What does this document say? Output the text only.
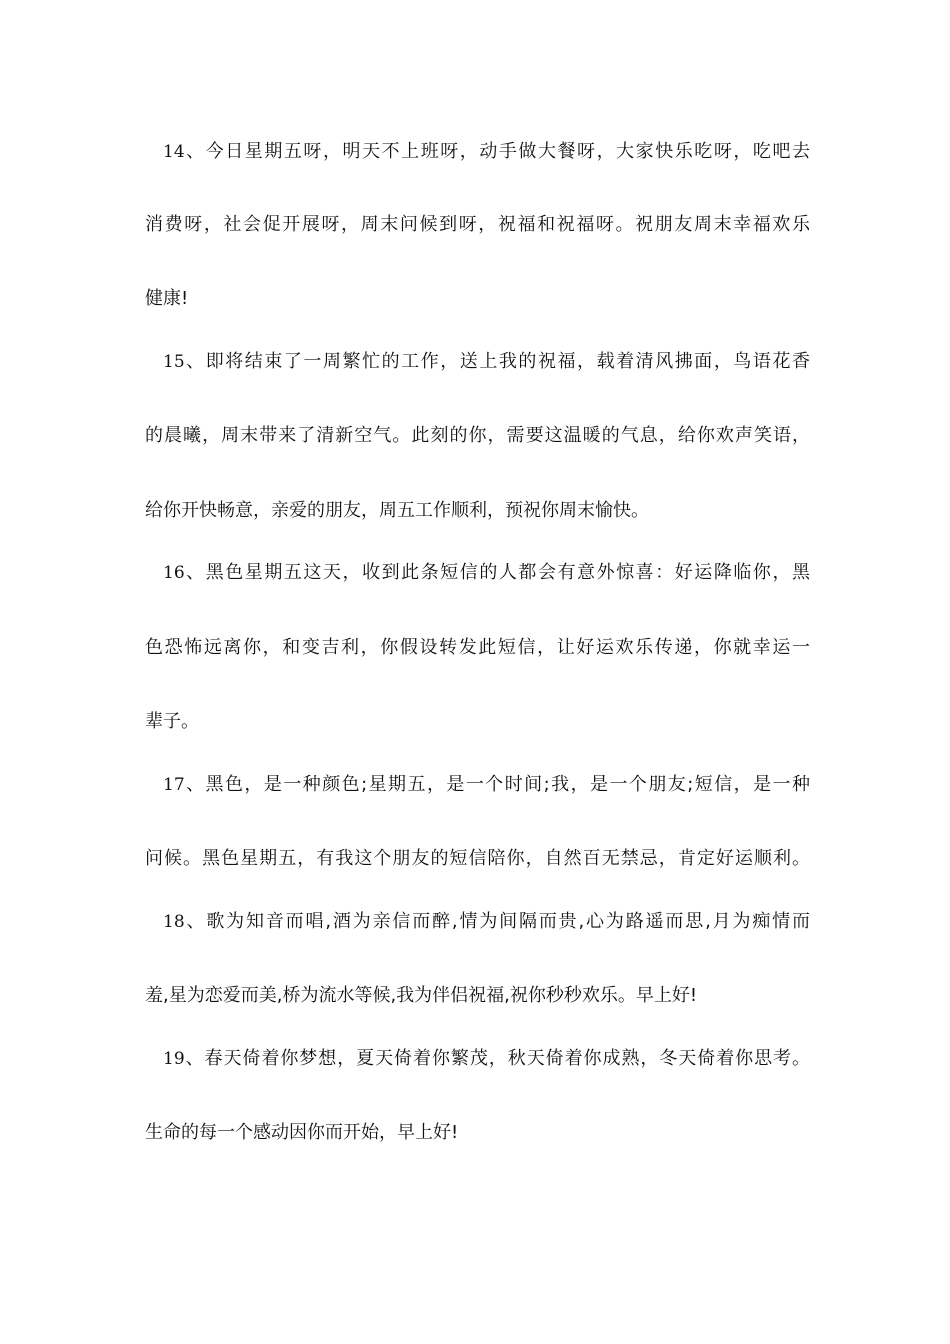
14、今日星期五呀，明天不上班呀，动手做大餐呀，大家快乐吃呀，吃吧去
消费呀，社会促开展呀，周末问候到呀，祝福和祝福呀。祝朋友周末幸福欢乐
健康!
15、即将结束了一周繁忙的工作，送上我的祝福，载着清风拂面，鸟语花香
的晨曦，周末带来了清新空气。此刻的你，需要这温暖的气息，给你欢声笑语，
给你开快畅意，亲爱的朋友，周五工作顺利，预祝你周末愉快。
16、黑色星期五这天，收到此条短信的人都会有意外惊喜：好运降临你，黑
色恐怖远离你，和变吉利，你假设转发此短信，让好运欢乐传递，你就幸运一
辈子。
17、黑色，是一种颜色;星期五，是一个时间;我，是一个朋友;短信，是一种
问候。黑色星期五，有我这个朋友的短信陪你，自然百无禁忌，肯定好运顺利。
18、歌为知音而唱,酒为亲信而醉,情为间隔而贵,心为路遥而思,月为痴情而
羞,星为恋爱而美,桥为流水等候,我为伴侣祝福,祝你秒秒欢乐。早上好!
19、春天倚着你梦想，夏天倚着你繁茂，秋天倚着你成熟，冬天倚着你思考。
生命的每一个感动因你而开始，早上好!
